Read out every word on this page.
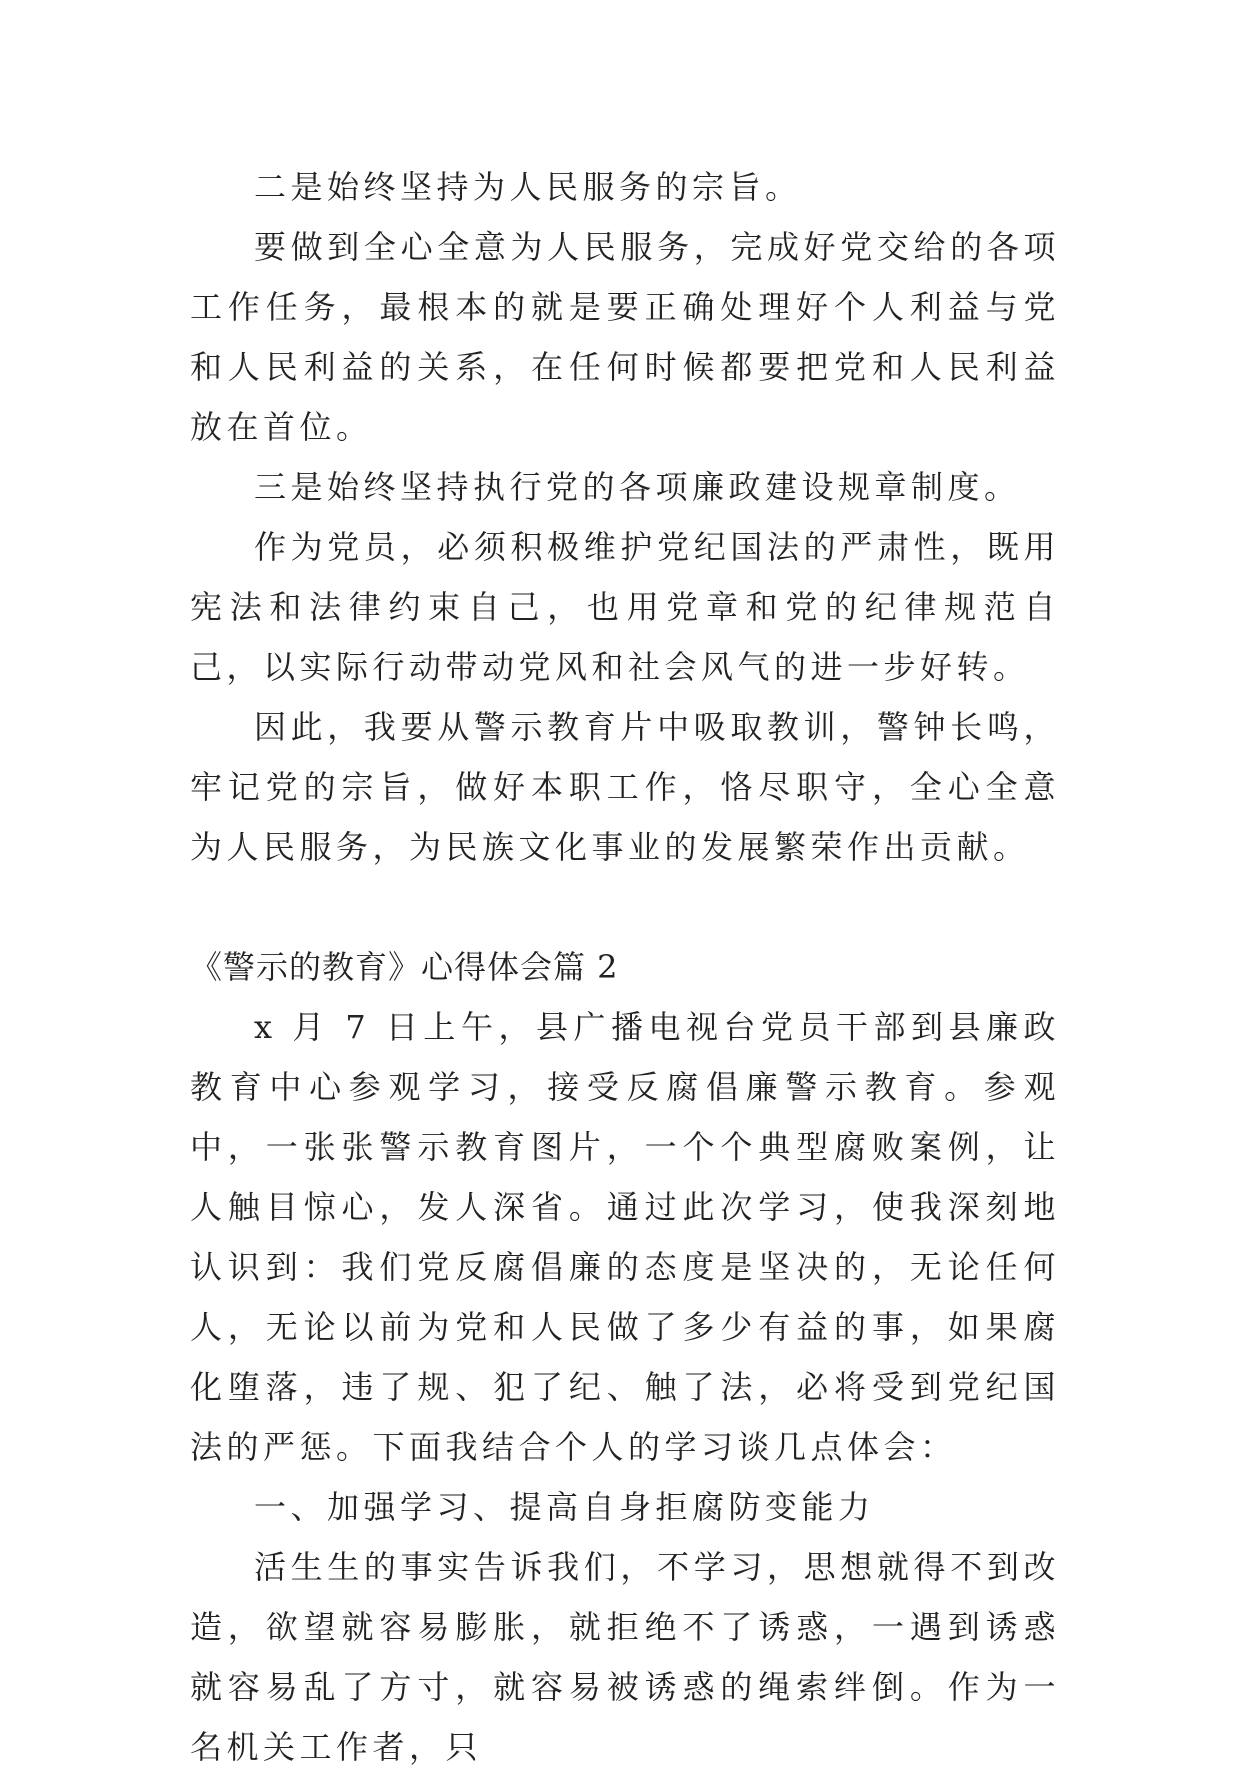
二是始终坚持为人民服务的宗旨。

要做到全心全意为人民服务，完成好党交给的各项工作任务，最根本的就是要正确处理好个人利益与党和人民利益的关系，在任何时候都要把党和人民利益放在首位。

三是始终坚持执行党的各项廉政建设规章制度。

作为党员，必须积极维护党纪国法的严肃性，既用宪法和法律约束自己，也用党章和党的纪律规范自己，以实际行动带动党风和社会风气的进一步好转。

因此，我要从警示教育片中吸取教训，警钟长鸣，牢记党的宗旨，做好本职工作，恪尽职守，全心全意为人民服务，为民族文化事业的发展繁荣作出贡献。

《警示的教育》心得体会篇 2

x 月 7 日上午，县广播电视台党员干部到县廉政教育中心参观学习，接受反腐倡廉警示教育。参观中，一张张警示教育图片，一个个典型腐败案例，让人触目惊心，发人深省。通过此次学习，使我深刻地认识到：我们党反腐倡廉的态度是坚决的，无论任何人，无论以前为党和人民做了多少有益的事，如果腐化堕落，违了规、犯了纪、触了法，必将受到党纪国法的严惩。下面我结合个人的学习谈几点体会：

一、加强学习、提高自身拒腐防变能力

活生生的事实告诉我们，不学习，思想就得不到改造，欲望就容易膨胀，就拒绝不了诱惑，一遇到诱惑就容易乱了方寸，就容易被诱惑的绳索绊倒。作为一名机关工作者，只
